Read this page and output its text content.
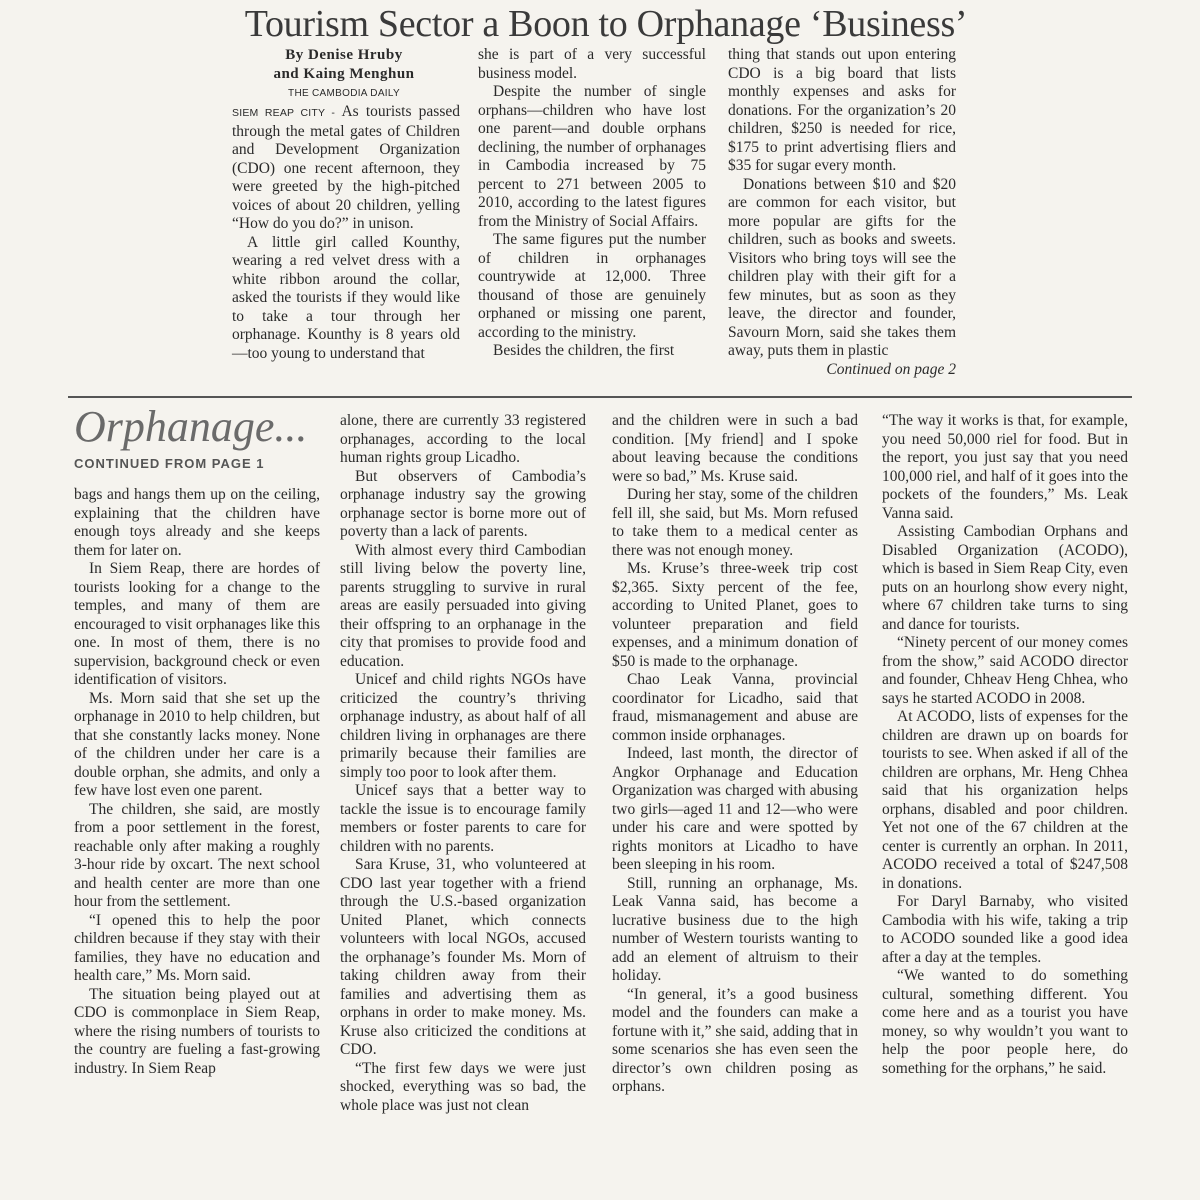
Tourism Sector a Boon to Orphanage ‘Business’
By Denise Hruby
and Kaing Menghun
THE CAMBODIA DAILY

SIEM REAP CITY - As tourists passed through the metal gates of Children and Development Organization (CDO) one recent afternoon, they were greeted by the high-pitched voices of about 20 children, yelling “How do you do?” in unison.

A little girl called Kounthy, wearing a red velvet dress with a white ribbon around the collar, asked the tourists if they would like to take a tour through her orphanage. Kounthy is 8 years old —too young to understand that

she is part of a very successful business model.

Despite the number of single orphans—children who have lost one parent—and double orphans declining, the number of orphanages in Cambodia increased by 75 percent to 271 between 2005 to 2010, according to the latest figures from the Ministry of Social Affairs.

The same figures put the number of children in orphanages countrywide at 12,000. Three thousand of those are genuinely orphaned or missing one parent, according to the ministry.

Besides the children, the first

thing that stands out upon entering CDO is a big board that lists monthly expenses and asks for donations. For the organization’s 20 children, $250 is needed for rice, $175 to print advertising fliers and $35 for sugar every month.

Donations between $10 and $20 are common for each visitor, but more popular are gifts for the children, such as books and sweets. Visitors who bring toys will see the children play with their gift for a few minutes, but as soon as they leave, the director and founder, Savourn Morn, said she takes them away, puts them in plastic

Continued on page 2

Orphanage...
CONTINUED FROM PAGE 1

bags and hangs them up on the ceiling, explaining that the children have enough toys already and she keeps them for later on.

In Siem Reap, there are hordes of tourists looking for a change to the temples, and many of them are encouraged to visit orphanages like this one. In most of them, there is no supervision, background check or even identification of visitors.

Ms. Morn said that she set up the orphanage in 2010 to help children, but that she constantly lacks money. None of the children under her care is a double orphan, she admits, and only a few have lost even one parent.

The children, she said, are mostly from a poor settlement in the forest, reachable only after making a roughly 3-hour ride by oxcart. The next school and health center are more than one hour from the settlement.

“I opened this to help the poor children because if they stay with their families, they have no education and health care,” Ms. Morn said.

The situation being played out at CDO is commonplace in Siem Reap, where the rising numbers of tourists to the country are fueling a fast-growing industry. In Siem Reap

alone, there are currently 33 registered orphanages, according to the local human rights group Licadho.

But observers of Cambodia’s orphanage industry say the growing orphanage sector is borne more out of poverty than a lack of parents.

With almost every third Cambodian still living below the poverty line, parents struggling to survive in rural areas are easily persuaded into giving their offspring to an orphanage in the city that promises to provide food and education.

Unicef and child rights NGOs have criticized the country’s thriving orphanage industry, as about half of all children living in orphanages are there primarily because their families are simply too poor to look after them.

Unicef says that a better way to tackle the issue is to encourage family members or foster parents to care for children with no parents.

Sara Kruse, 31, who volunteered at CDO last year together with a friend through the U.S.-based organization United Planet, which connects volunteers with local NGOs, accused the orphanage’s founder Ms. Morn of taking children away from their families and advertising them as orphans in order to make money. Ms. Kruse also criticized the conditions at CDO.

“The first few days we were just shocked, everything was so bad, the whole place was just not clean

and the children were in such a bad condition. [My friend] and I spoke about leaving because the conditions were so bad,” Ms. Kruse said.

During her stay, some of the children fell ill, she said, but Ms. Morn refused to take them to a medical center as there was not enough money.

Ms. Kruse’s three-week trip cost $2,365. Sixty percent of the fee, according to United Planet, goes to volunteer preparation and field expenses, and a minimum donation of $50 is made to the orphanage.

Chao Leak Vanna, provincial coordinator for Licadho, said that fraud, mismanagement and abuse are common inside orphanages.

Indeed, last month, the director of Angkor Orphanage and Education Organization was charged with abusing two girls—aged 11 and 12—who were under his care and were spotted by rights monitors at Licadho to have been sleeping in his room.

Still, running an orphanage, Ms. Leak Vanna said, has become a lucrative business due to the high number of Western tourists wanting to add an element of altruism to their holiday.

“In general, it’s a good business model and the founders can make a fortune with it,” she said, adding that in some scenarios she has even seen the director’s own children posing as orphans.

“The way it works is that, for example, you need 50,000 riel for food. But in the report, you just say that you need 100,000 riel, and half of it goes into the pockets of the founders,” Ms. Leak Vanna said.

Assisting Cambodian Orphans and Disabled Organization (ACODO), which is based in Siem Reap City, even puts on an hourlong show every night, where 67 children take turns to sing and dance for tourists.

“Ninety percent of our money comes from the show,” said ACODO director and founder, Chheav Heng Chhea, who says he started ACODO in 2008.

At ACODO, lists of expenses for the children are drawn up on boards for tourists to see. When asked if all of the children are orphans, Mr. Heng Chhea said that his organization helps orphans, disabled and poor children. Yet not one of the 67 children at the center is currently an orphan. In 2011, ACODO received a total of $247,508 in donations.

For Daryl Barnaby, who visited Cambodia with his wife, taking a trip to ACODO sounded like a good idea after a day at the temples.

“We wanted to do something cultural, something different. You come here and as a tourist you have money, so why wouldn’t you want to help the poor people here, do something for the orphans,” he said.
